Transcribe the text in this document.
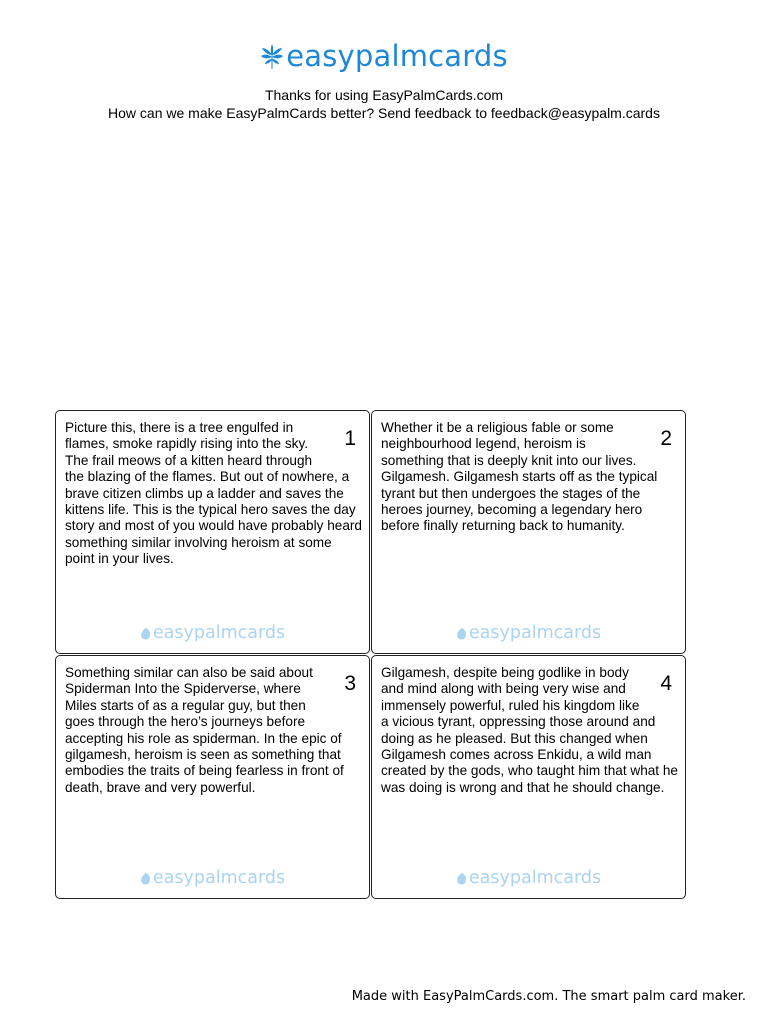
easypalmcards
Thanks for using EasyPalmCards.com
How can we make EasyPalmCards better? Send feedback to feedback@easypalm.cards

Picture this, there is a tree engulfed in
flames, smoke rapidly rising into the sky.
The frail meows of a kitten heard through
the blazing of the flames. But out of nowhere, a
brave citizen climbs up a ladder and saves the
kittens life. This is the typical hero saves the day
story and most of you would have probably heard
something similar involving heroism at some
point in your lives.

1
easypalmcards

Whether it be a religious fable or some
neighbourhood legend, heroism is
something that is deeply knit into our lives.
Gilgamesh. Gilgamesh starts off as the typical
tyrant but then undergoes the stages of the
heroes journey, becoming a legendary hero
before finally returning back to humanity.

2
easypalmcards

Something similar can also be said about
Spiderman Into the Spiderverse, where
Miles starts of as a regular guy, but then
goes through the hero’s journeys before
accepting his role as spiderman. In the epic of
gilgamesh, heroism is seen as something that
embodies the traits of being fearless in front of
death, brave and very powerful.

3
easypalmcards

Gilgamesh, despite being godlike in body
and mind along with being very wise and
immensely powerful, ruled his kingdom like
a vicious tyrant, oppressing those around and
doing as he pleased. But this changed when
Gilgamesh comes across Enkidu, a wild man
created by the gods, who taught him that what he
was doing is wrong and that he should change.

4
easypalmcards
Made with EasyPalmCards.com. The smart palm card maker.
